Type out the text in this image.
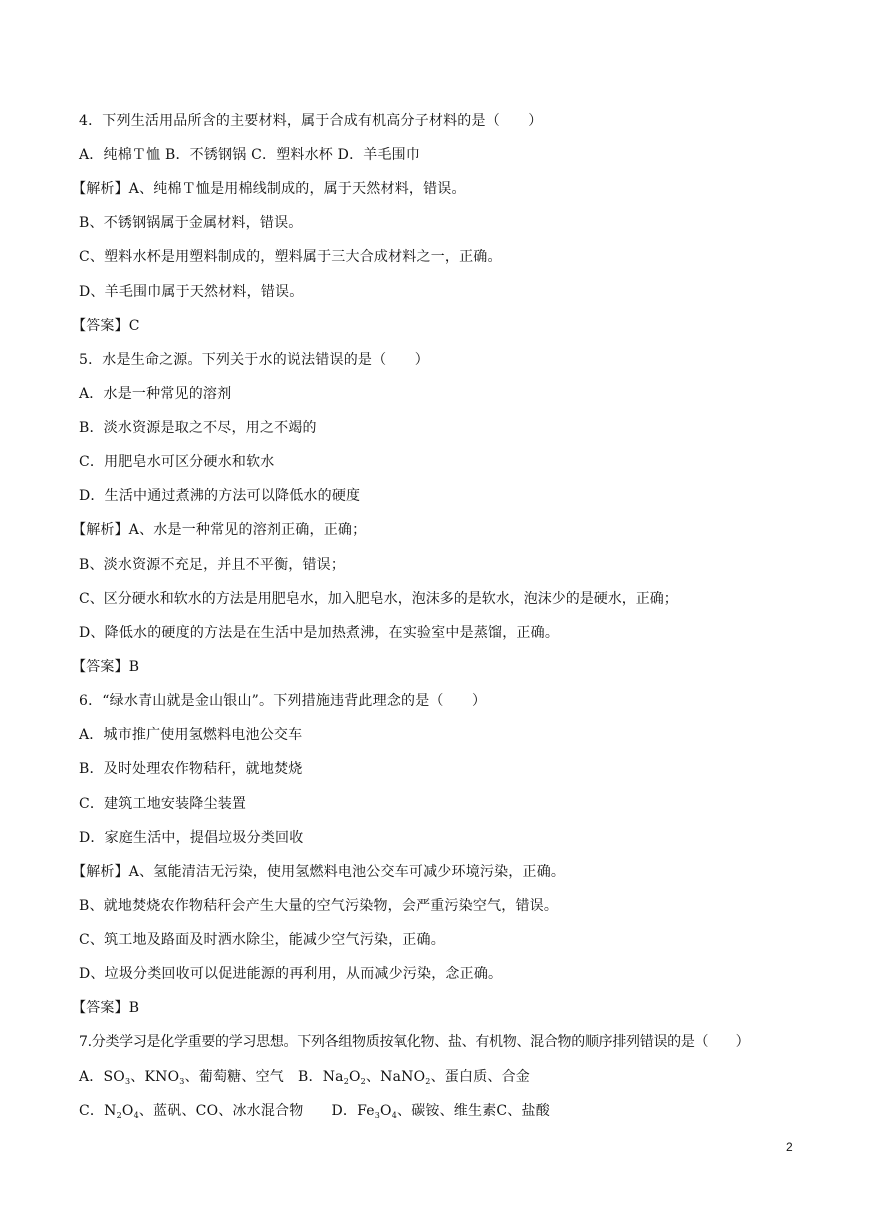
4．下列生活用品所含的主要材料，属于合成有机高分子材料的是（　　）
A．纯棉Ｔ恤 B．不锈钢锅 C．塑料水杯 D．羊毛围巾
【解析】A、纯棉Ｔ恤是用棉线制成的，属于天然材料，错误。
B、不锈钢锅属于金属材料，错误。
C、塑料水杯是用塑料制成的，塑料属于三大合成材料之一，正确。
D、羊毛围巾属于天然材料，错误。
【答案】C
5．水是生命之源。下列关于水的说法错误的是（　　）
A．水是一种常见的溶剂
B．淡水资源是取之不尽，用之不竭的
C．用肥皂水可区分硬水和软水
D．生活中通过煮沸的方法可以降低水的硬度
【解析】A、水是一种常见的溶剂正确，正确；
B、淡水资源不充足，并且不平衡，错误；
C、区分硬水和软水的方法是用肥皂水，加入肥皂水，泡沫多的是软水，泡沫少的是硬水，正确；
D、降低水的硬度的方法是在生活中是加热煮沸，在实验室中是蒸馏，正确。
【答案】B
6．“绿水青山就是金山银山”。下列措施违背此理念的是（　　）
A．城市推广使用氢燃料电池公交车
B．及时处理农作物秸秆，就地焚烧
C．建筑工地安装降尘装置
D．家庭生活中，提倡垃圾分类回收
【解析】A、氢能清洁无污染，使用氢燃料电池公交车可减少环境污染，正确。
B、就地焚烧农作物秸秆会产生大量的空气污染物，会严重污染空气，错误。
C、筑工地及路面及时洒水除尘，能减少空气污染，正确。
D、垃圾分类回收可以促进能源的再利用，从而减少污染，念正确。
【答案】B
7.分类学习是化学重要的学习思想。下列各组物质按氧化物、盐、有机物、混合物的顺序排列错误的是（　　）
A．$SO_3$、$KNO_3$、葡萄糖、空气 B．$Na_2O_2$、NaNO$_2$、蛋白质、合金
C．$N_2O_4$、蓝矾、CO、冰水混合物 D．$Fe_3O_4$、碳铵、维生素C、盐酸
2
